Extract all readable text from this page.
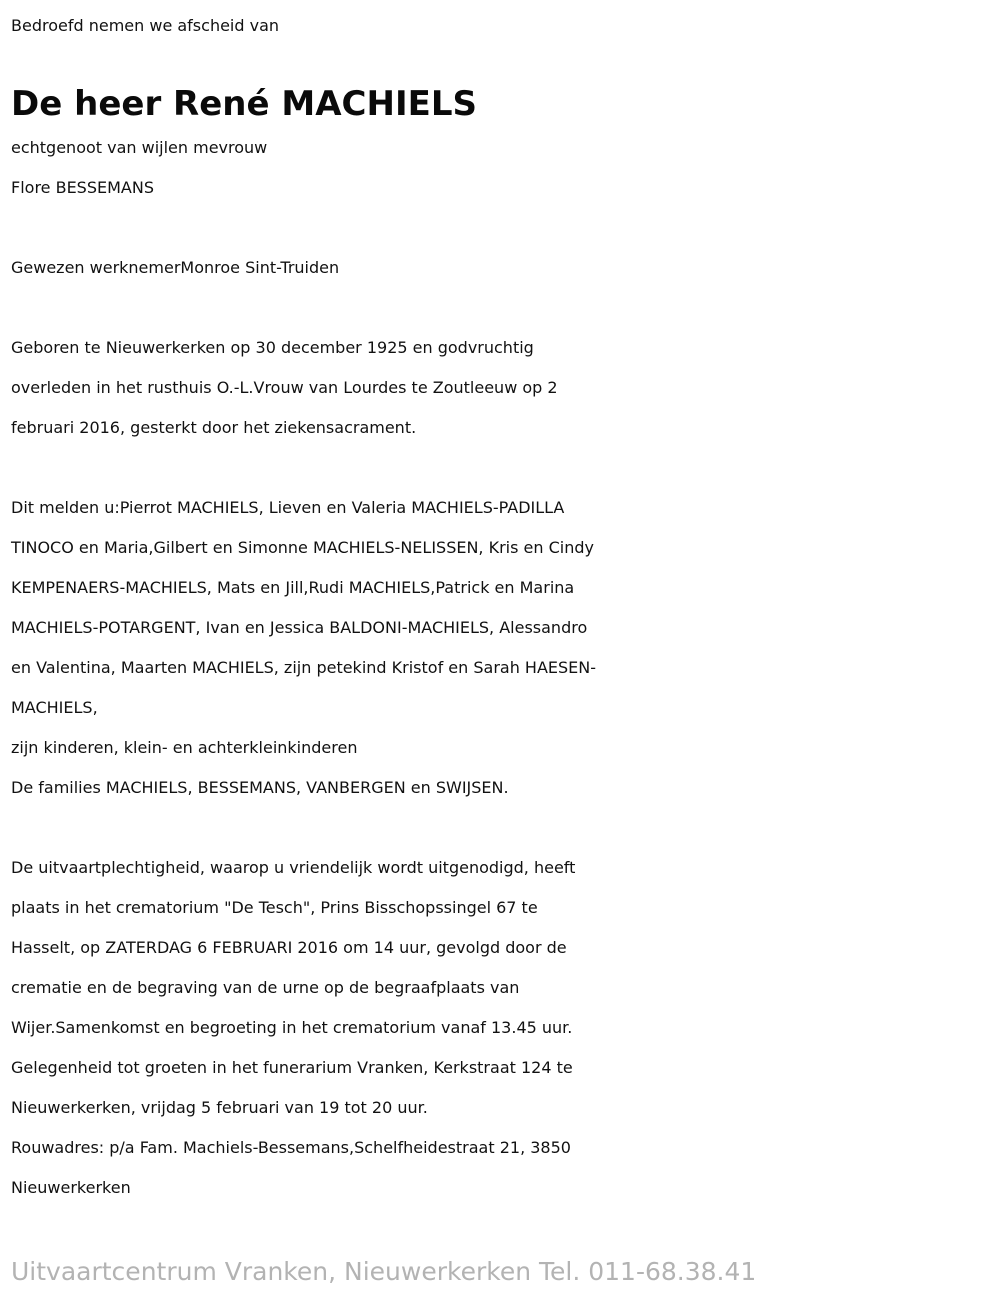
Bedroefd nemen we afscheid van

De heer René MACHIELS

echtgenoot van wijlen mevrouw

Flore BESSEMANS

Gewezen werknemerMonroe Sint-Truiden

Geboren te Nieuwerkerken op 30 december 1925 en godvruchtig

overleden in het rusthuis O.-L.Vrouw van Lourdes te Zoutleeuw op 2

februari 2016, gesterkt door het ziekensacrament.

Dit melden u:Pierrot MACHIELS, Lieven en Valeria MACHIELS-PADILLA

TINOCO en Maria,Gilbert en Simonne MACHIELS-NELISSEN, Kris en Cindy

KEMPENAERS-MACHIELS, Mats en Jill,Rudi MACHIELS,Patrick en Marina

MACHIELS-POTARGENT, Ivan en Jessica BALDONI-MACHIELS, Alessandro

en Valentina, Maarten MACHIELS, zijn petekind Kristof en Sarah HAESEN-

MACHIELS,

zijn kinderen, klein- en achterkleinkinderen

De families MACHIELS, BESSEMANS, VANBERGEN en SWIJSEN.

De uitvaartplechtigheid, waarop u vriendelijk wordt uitgenodigd, heeft

plaats in het crematorium "De Tesch", Prins Bisschopssingel 67 te

Hasselt, op ZATERDAG 6 FEBRUARI 2016 om 14 uur, gevolgd door de

crematie en de begraving van de urne op de begraafplaats van

Wijer.Samenkomst en begroeting in het crematorium vanaf 13.45 uur.

Gelegenheid tot groeten in het funerarium Vranken, Kerkstraat 124 te

Nieuwerkerken, vrijdag 5 februari van 19 tot 20 uur.

Rouwadres: p/a Fam. Machiels-Bessemans,Schelfheidestraat 21, 3850

Nieuwerkerken

Uitvaartcentrum Vranken, Nieuwerkerken Tel. 011-68.38.41
